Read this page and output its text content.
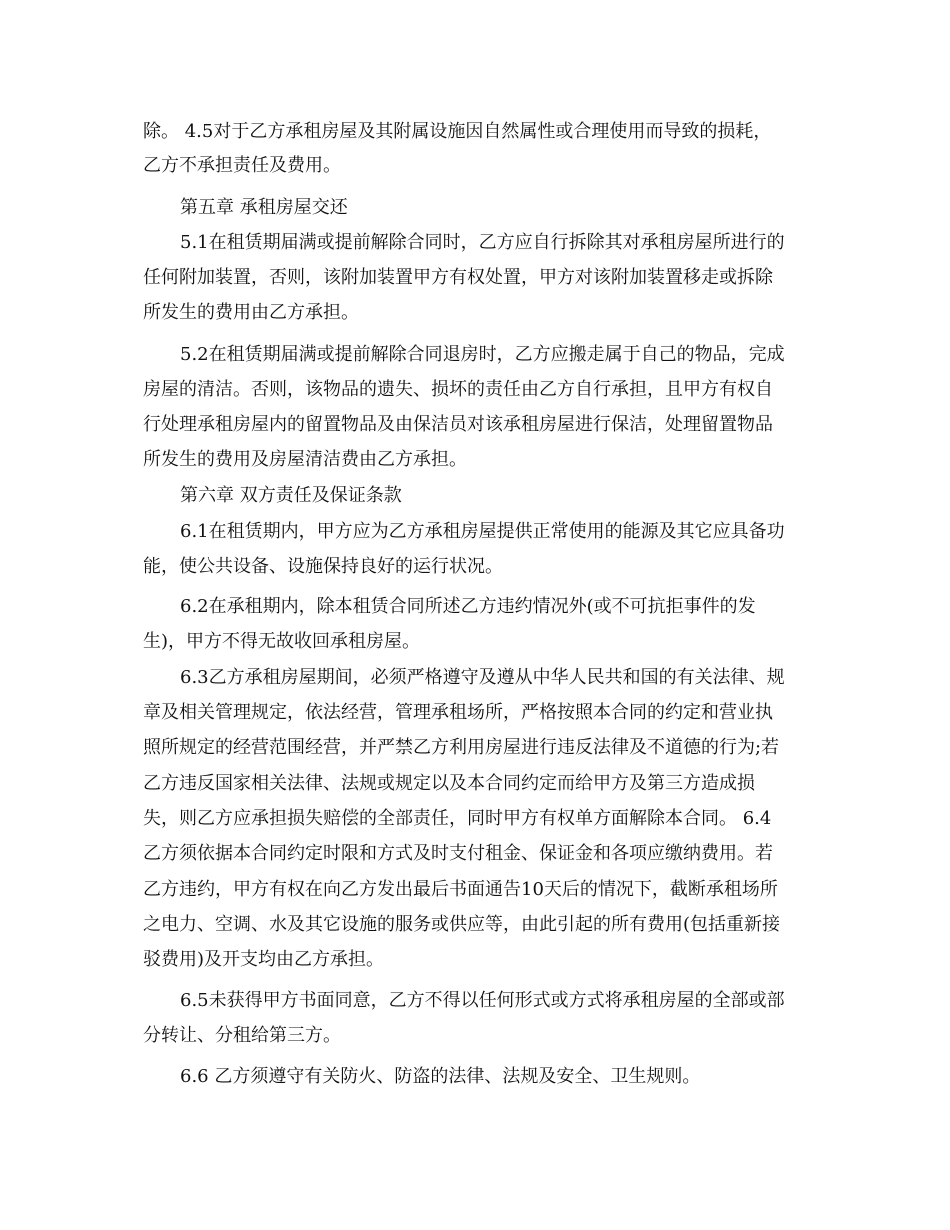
除。 4.5对于乙方承租房屋及其附属设施因自然属性或合理使用而导致的损耗，
乙方不承担责任及费用。
第五章 承租房屋交还
5.1在租赁期届满或提前解除合同时，乙方应自行拆除其对承租房屋所进行的
任何附加装置，否则，该附加装置甲方有权处置，甲方对该附加装置移走或拆除
所发生的费用由乙方承担。
5.2在租赁期届满或提前解除合同退房时，乙方应搬走属于自己的物品，完成
房屋的清洁。否则，该物品的遗失、损坏的责任由乙方自行承担，且甲方有权自
行处理承租房屋内的留置物品及由保洁员对该承租房屋进行保洁，处理留置物品
所发生的费用及房屋清洁费由乙方承担。
第六章 双方责任及保证条款
6.1在租赁期内，甲方应为乙方承租房屋提供正常使用的能源及其它应具备功
能，使公共设备、设施保持良好的运行状况。
6.2在承租期内，除本租赁合同所述乙方违约情况外(或不可抗拒事件的发
生)，甲方不得无故收回承租房屋。
6.3乙方承租房屋期间，必须严格遵守及遵从中华人民共和国的有关法律、规
章及相关管理规定，依法经营，管理承租场所，严格按照本合同的约定和营业执
照所规定的经营范围经营，并严禁乙方利用房屋进行违反法律及不道德的行为;若
乙方违反国家相关法律、法规或规定以及本合同约定而给甲方及第三方造成损
失，则乙方应承担损失赔偿的全部责任，同时甲方有权单方面解除本合同。 6.4
乙方须依据本合同约定时限和方式及时支付租金、保证金和各项应缴纳费用。若
乙方违约，甲方有权在向乙方发出最后书面通告10天后的情况下，截断承租场所
之电力、空调、水及其它设施的服务或供应等，由此引起的所有费用(包括重新接
驳费用)及开支均由乙方承担。
6.5未获得甲方书面同意，乙方不得以任何形式或方式将承租房屋的全部或部
分转让、分租给第三方。
6.6 乙方须遵守有关防火、防盗的法律、法规及安全、卫生规则。
